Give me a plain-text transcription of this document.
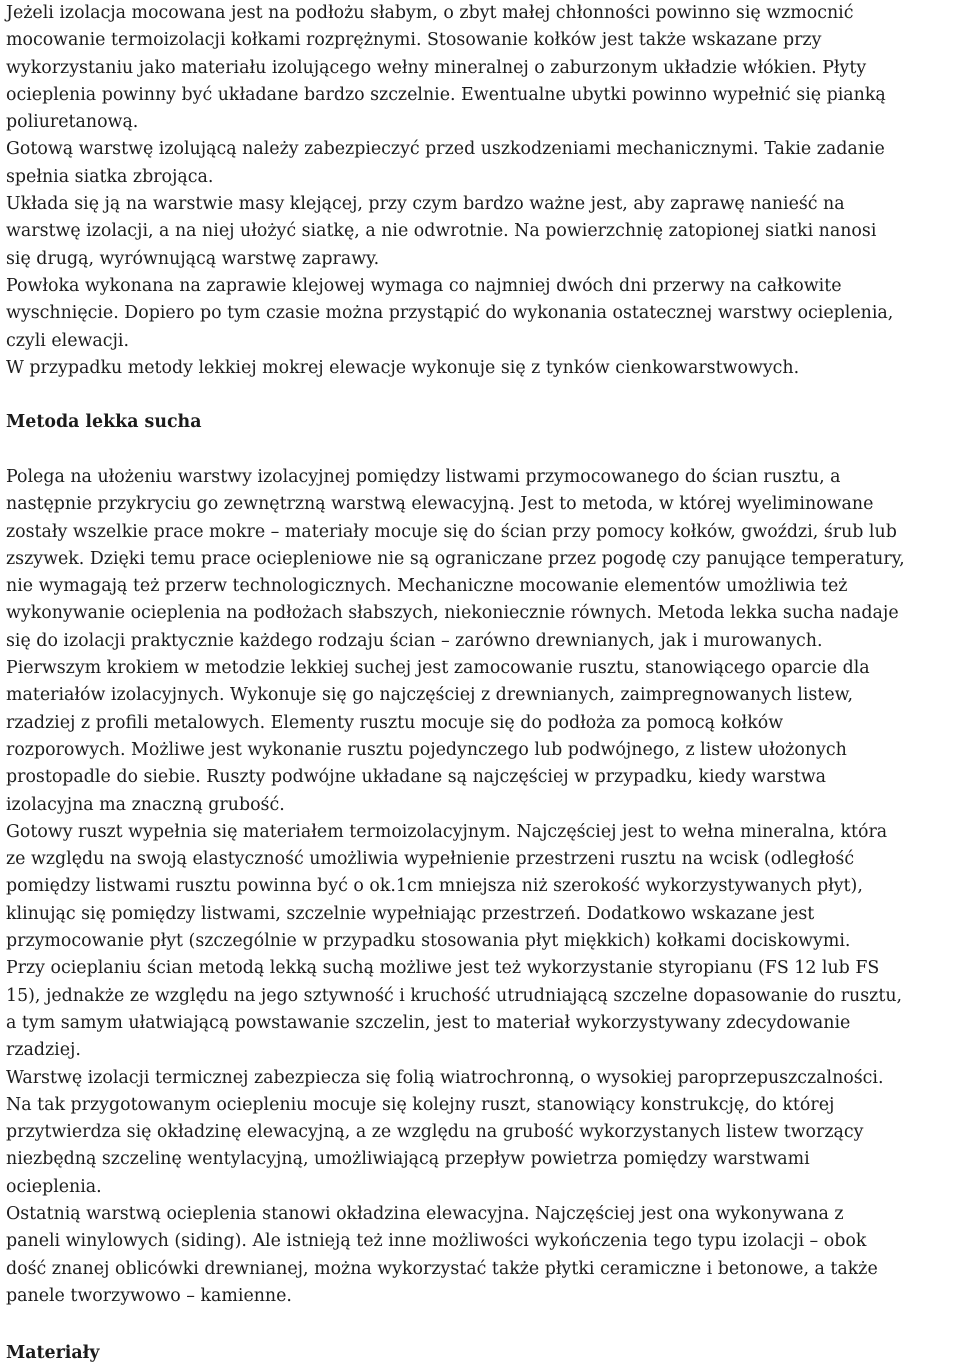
Jeżeli izolacja mocowana jest na podłożu słabym, o zbyt małej chłonności powinno się wzmocnić
mocowanie termoizolacji kołkami rozprężnymi. Stosowanie kołków jest także wskazane przy
wykorzystaniu jako materiału izolującego wełny mineralnej o zaburzonym układzie włókien. Płyty
ocieplenia powinny być układane bardzo szczelnie. Ewentualne ubytki powinno wypełnić się pianką
poliuretanową.
Gotową warstwę izolującą należy zabezpieczyć przed uszkodzeniami mechanicznymi. Takie zadanie
spełnia siatka zbrojąca.
Układa się ją na warstwie masy klejącej, przy czym bardzo ważne jest, aby zaprawę nanieść na
warstwę izolacji, a na niej ułożyć siatkę, a nie odwrotnie. Na powierzchnię zatopionej siatki nanosi
się drugą, wyrównującą warstwę zaprawy.
Powłoka wykonana na zaprawie klejowej wymaga co najmniej dwóch dni przerwy na całkowite
wyschnięcie. Dopiero po tym czasie można przystąpić do wykonania ostatecznej warstwy ocieplenia,
czyli elewacji.
W przypadku metody lekkiej mokrej elewacje wykonuje się z tynków cienkowarstwowych.
Metoda lekka sucha
Polega na ułożeniu warstwy izolacyjnej pomiędzy listwami przymocowanego do ścian rusztu, a
następnie przykryciu go zewnętrzną warstwą elewacyjną. Jest to metoda, w której wyeliminowane
zostały wszelkie prace mokre – materiały mocuje się do ścian przy pomocy kołków, gwoździ, śrub lub
zszywek. Dzięki temu prace ociepleniowe nie są ograniczane przez pogodę czy panujące temperatury,
nie wymagają też przerw technologicznych. Mechaniczne mocowanie elementów umożliwia też
wykonywanie ocieplenia na podłożach słabszych, niekoniecznie równych. Metoda lekka sucha nadaje
się do izolacji praktycznie każdego rodzaju ścian – zarówno drewnianych, jak i murowanych.
Pierwszym krokiem w metodzie lekkiej suchej jest zamocowanie rusztu, stanowiącego oparcie dla
materiałów izolacyjnych. Wykonuje się go najczęściej z drewnianych, zaimpregnowanych listew,
rzadziej z profili metalowych. Elementy rusztu mocuje się do podłoża za pomocą kołków
rozporowych. Możliwe jest wykonanie rusztu pojedynczego lub podwójnego, z listew ułożonych
prostopadle do siebie. Ruszty podwójne układane są najczęściej w przypadku, kiedy warstwa
izolacyjna ma znaczną grubość.
Gotowy ruszt wypełnia się materiałem termoizolacyjnym. Najczęściej jest to wełna mineralna, która
ze względu na swoją elastyczność umożliwia wypełnienie przestrzeni rusztu na wcisk (odległość
pomiędzy listwami rusztu powinna być o ok.1cm mniejsza niż szerokość wykorzystywanych płyt),
klinując się pomiędzy listwami, szczelnie wypełniając przestrzeń. Dodatkowo wskazane jest
przymocowanie płyt (szczególnie w przypadku stosowania płyt miękkich) kołkami dociskowymi.
Przy ocieplaniu ścian metodą lekką suchą możliwe jest też wykorzystanie styropianu (FS 12 lub FS
15), jednakże ze względu na jego sztywność i kruchość utrudniającą szczelne dopasowanie do rusztu,
a tym samym ułatwiającą powstawanie szczelin, jest to materiał wykorzystywany zdecydowanie
rzadziej.
Warstwę izolacji termicznej zabezpiecza się folią wiatrochronną, o wysokiej paroprzepuszczalności.
Na tak przygotowanym ociepleniu mocuje się kolejny ruszt, stanowiący konstrukcję, do której
przytwierdza się okładzinę elewacyjną, a ze względu na grubość wykorzystanych listew tworzący
niezbędną szczelinę wentylacyjną, umożliwiającą przepływ powietrza pomiędzy warstwami
ocieplenia.
Ostatnią warstwą ocieplenia stanowi okładzina elewacyjna. Najczęściej jest ona wykonywana z
paneli winylowych (siding). Ale istnieją też inne możliwości wykończenia tego typu izolacji – obok
dość znanej oblicówki drewnianej, można wykorzystać także płytki ceramiczne i betonowe, a także
panele tworzywowo – kamienne.
Materiały
